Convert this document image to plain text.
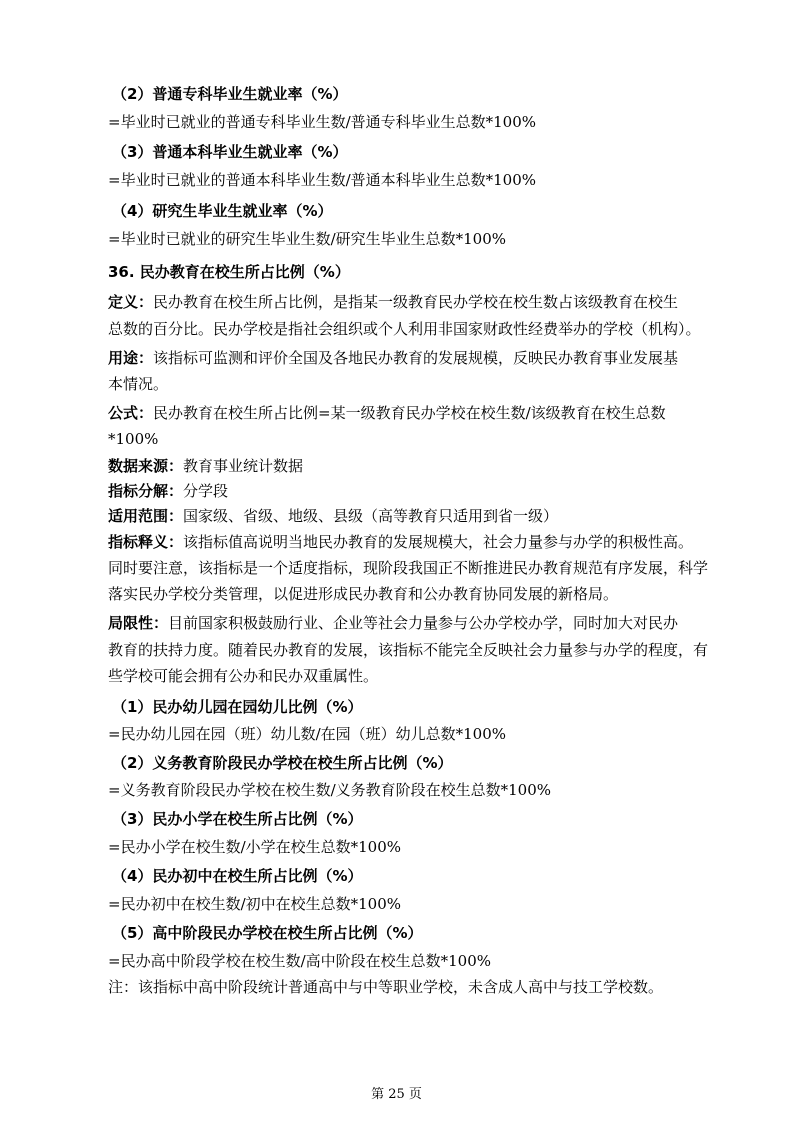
（2）普通专科毕业生就业率（%）
=毕业时已就业的普通专科毕业生数/普通专科毕业生总数*100%
（3）普通本科毕业生就业率（%）
=毕业时已就业的普通本科毕业生数/普通本科毕业生总数*100%
（4）研究生毕业生就业率（%）
=毕业时已就业的研究生毕业生数/研究生毕业生总数*100%
36. 民办教育在校生所占比例（%）
定义：民办教育在校生所占比例，是指某一级教育民办学校在校生数占该级教育在校生
总数的百分比。民办学校是指社会组织或个人利用非国家财政性经费举办的学校（机构）。
用途：该指标可监测和评价全国及各地民办教育的发展规模，反映民办教育事业发展基
本情况。
公式：民办教育在校生所占比例=某一级教育民办学校在校生数/该级教育在校生总数
*100%
数据来源：教育事业统计数据
指标分解：分学段
适用范围：国家级、省级、地级、县级（高等教育只适用到省一级）
指标释义：该指标值高说明当地民办教育的发展规模大，社会力量参与办学的积极性高。
同时要注意，该指标是一个适度指标，现阶段我国正不断推进民办教育规范有序发展，科学
落实民办学校分类管理，以促进形成民办教育和公办教育协同发展的新格局。
局限性：目前国家积极鼓励行业、企业等社会力量参与公办学校办学，同时加大对民办
教育的扶持力度。随着民办教育的发展，该指标不能完全反映社会力量参与办学的程度，有
些学校可能会拥有公办和民办双重属性。
（1）民办幼儿园在园幼儿比例（%）
=民办幼儿园在园（班）幼儿数/在园（班）幼儿总数*100%
（2）义务教育阶段民办学校在校生所占比例（%）
=义务教育阶段民办学校在校生数/义务教育阶段在校生总数*100%
（3）民办小学在校生所占比例（%）
=民办小学在校生数/小学在校生总数*100%
（4）民办初中在校生所占比例（%）
=民办初中在校生数/初中在校生总数*100%
（5）高中阶段民办学校在校生所占比例（%）
=民办高中阶段学校在校生数/高中阶段在校生总数*100%
注：该指标中高中阶段统计普通高中与中等职业学校，未含成人高中与技工学校数。
第 25 页
